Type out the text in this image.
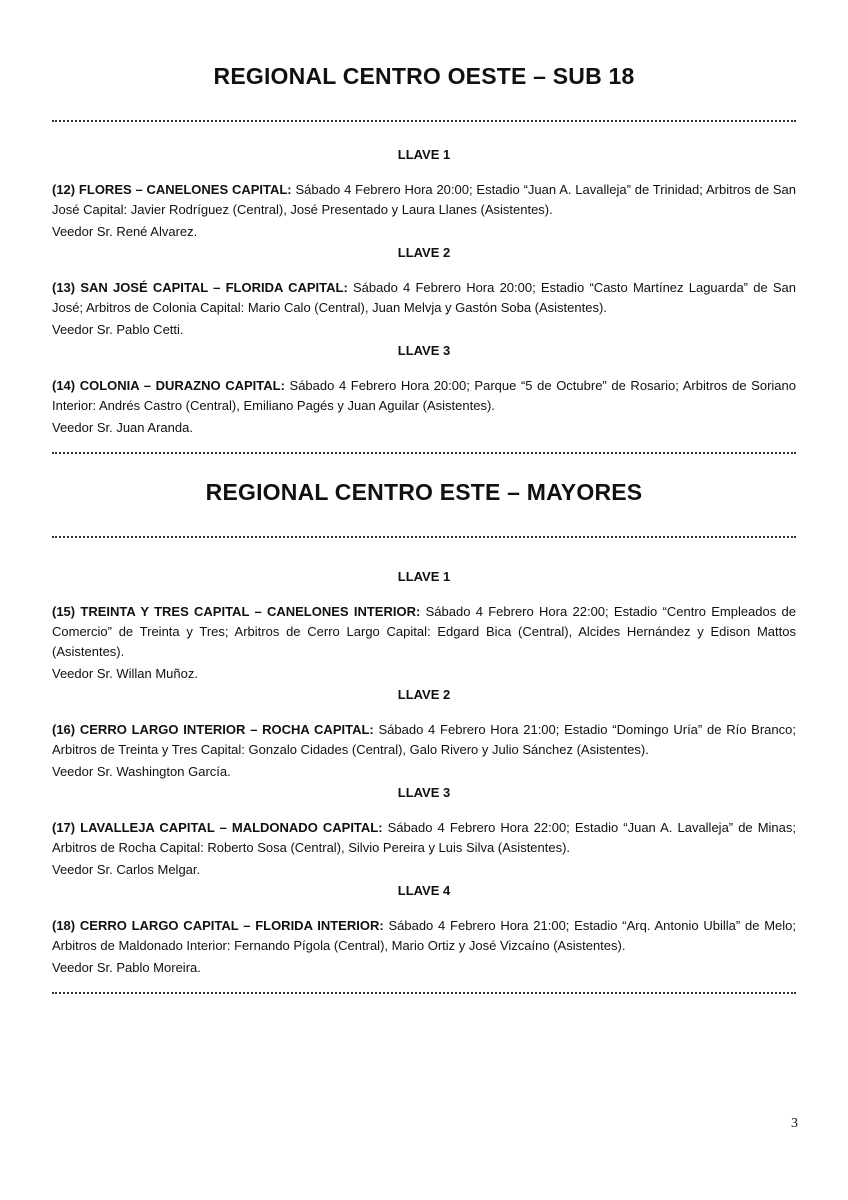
REGIONAL CENTRO OESTE – SUB 18
LLAVE 1

(12) FLORES – CANELONES CAPITAL: Sábado 4 Febrero Hora 20:00; Estadio “Juan A. Lavalleja” de Trinidad; Arbitros de San José Capital: Javier Rodríguez (Central), José Presentado y Laura Llanes (Asistentes).

Veedor Sr. René Alvarez.

LLAVE 2

(13) SAN JOSÉ CAPITAL – FLORIDA CAPITAL: Sábado 4 Febrero Hora 20:00; Estadio “Casto Martínez Laguarda” de San José; Arbitros de Colonia Capital: Mario Calo (Central), Juan Melvja y Gastón Soba (Asistentes).

Veedor Sr. Pablo Cetti.

LLAVE 3

(14) COLONIA – DURAZNO CAPITAL: Sábado 4 Febrero Hora 20:00; Parque “5 de Octubre” de Rosario; Arbitros de Soriano Interior: Andrés Castro (Central), Emiliano Pagés y Juan Aguilar (Asistentes).

Veedor Sr. Juan Aranda.

REGIONAL CENTRO ESTE – MAYORES
LLAVE 1

(15) TREINTA Y TRES CAPITAL – CANELONES INTERIOR: Sábado 4 Febrero Hora 22:00; Estadio “Centro Empleados de Comercio” de Treinta y Tres; Arbitros de Cerro Largo Capital: Edgard Bica (Central), Alcides Hernández y Edison Mattos (Asistentes).

Veedor Sr. Willan Muñoz.

LLAVE 2

(16) CERRO LARGO INTERIOR – ROCHA CAPITAL: Sábado 4 Febrero Hora 21:00; Estadio “Domingo Uría” de Río Branco; Arbitros de Treinta y Tres Capital: Gonzalo Cidades (Central), Galo Rivero y Julio Sánchez (Asistentes).

Veedor Sr. Washington García.

LLAVE 3

(17) LAVALLEJA CAPITAL – MALDONADO CAPITAL: Sábado 4 Febrero Hora 22:00; Estadio “Juan A. Lavalleja” de Minas; Arbitros de Rocha Capital: Roberto Sosa (Central), Silvio Pereira y Luis Silva (Asistentes).

Veedor Sr. Carlos Melgar.

LLAVE 4

(18) CERRO LARGO CAPITAL – FLORIDA INTERIOR: Sábado 4 Febrero Hora 21:00; Estadio “Arq. Antonio Ubilla” de Melo; Arbitros de Maldonado Interior: Fernando Pígola (Central), Mario Ortiz y José Vizcaíno (Asistentes).

Veedor Sr. Pablo Moreira.

3
